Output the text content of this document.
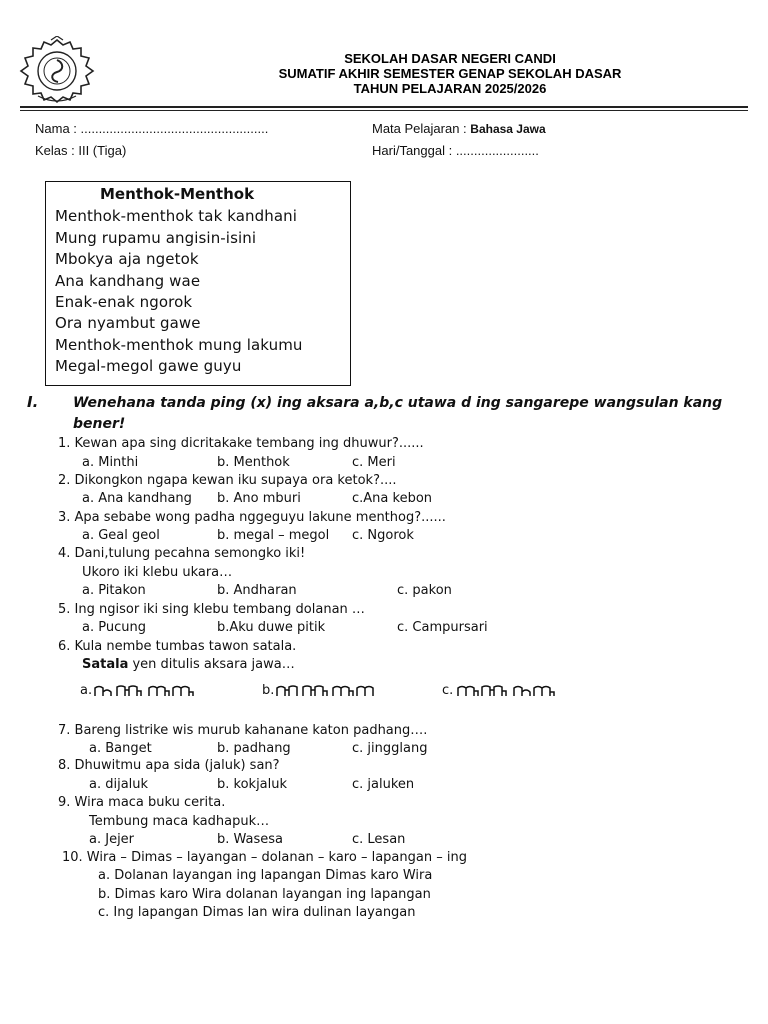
SEKOLAH DASAR NEGERI CANDI
SUMATIF AKHIR SEMESTER GENAP SEKOLAH DASAR
TAHUN PELAJARAN 2025/2026
Nama : ....................................................
Kelas : III (Tiga)
Mata Pelajaran : Bahasa Jawa
Hari/Tanggal : .......................
Menthok-Menthok
Menthok-menthok tak kandhani
Mung rupamu angisin-isini
Mbokya aja ngetok
Ana kandhang wae
Enak-enak ngorok
Ora nyambut gawe
Menthok-menthok mung lakumu
Megal-megol gawe guyu
I. Wenehana tanda ping (x) ing aksara a,b,c utawa d ing sangarepe wangsulan kang bener!
1. Kewan apa sing dicritakake tembang ing dhuwur?......
a. Minthi	b. Menthok	c. Meri
2. Dikongkon ngapa kewan iku supaya ora ketok?....
a. Ana kandhang b. Ano mburi	c.Ana kebon
3. Apa sebabe wong padha nggeguyu lakune menthog?......
a. Geal geol	b. megal – megol c. Ngorok
4. Dani,tulung pecahna semongko iki!
Ukoro iki klebu ukara…
a. Pitakon	b. Andharan	c. pakon
5. Ing ngisor iki sing klebu tembang dolanan …
a. Pucung	b.Aku duwe pitik	c. Campursari
6. Kula nembe tumbas tawon satala.
Satala yen ditulis aksara jawa…
a.	b.	c.
7. Bareng listrike wis murub kahanane katon padhang….
a. Banget	b. padhang	c. jingglang
8. Dhuwitmu apa sida (jaluk) san?
a. dijaluk	b. kokjaluk	c. jaluken
9. Wira maca buku cerita.
Tembung maca kadhapuk…
a. Jejer	b. Wasesa	c. Lesan
10. Wira – Dimas – layangan – dolanan – karo – lapangan – ing
a. Dolanan layangan ing lapangan Dimas karo Wira
b. Dimas karo Wira dolanan layangan ing lapangan
c. Ing lapangan Dimas lan wira dulinan layangan
